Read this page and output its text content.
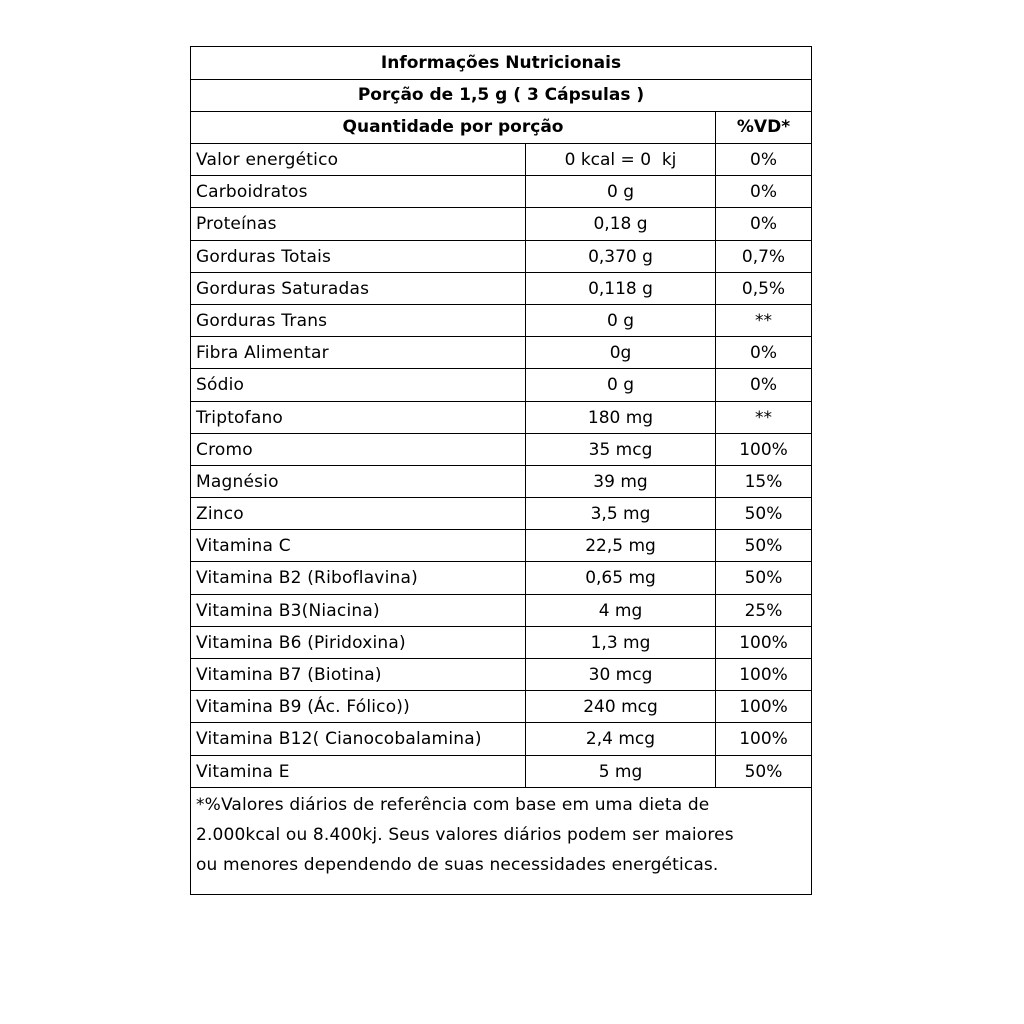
Informações Nutricionais
Porção de 1,5 g ( 3 Cápsulas )
Quantidade por porção	%VD*
Valor energético	0 kcal = 0  kj	0%
Carboidratos	0 g	0%
Proteínas	0,18 g	0%
Gorduras Totais	0,370 g	0,7%
Gorduras Saturadas	0,118 g	0,5%
Gorduras Trans	0 g	**
Fibra Alimentar	0g	0%
Sódio	0 g	0%
Triptofano	180 mg	**
Cromo	35 mcg	100%
Magnésio	39 mg	15%
Zinco	3,5 mg	50%
Vitamina C	22,5 mg	50%
Vitamina B2 (Riboflavina)	0,65 mg	50%
Vitamina B3(Niacina)	4 mg	25%
Vitamina B6 (Piridoxina)	1,3 mg	100%
Vitamina B7 (Biotina)	30 mcg	100%
Vitamina B9 (Ác. Fólico))	240 mcg	100%
Vitamina B12( Cianocobalamina)	2,4 mcg	100%
Vitamina E	5 mg	50%
*%Valores diários de referência com base em uma dieta de
2.000kcal ou 8.400kj. Seus valores diários podem ser maiores
ou menores dependendo de suas necessidades energéticas.
